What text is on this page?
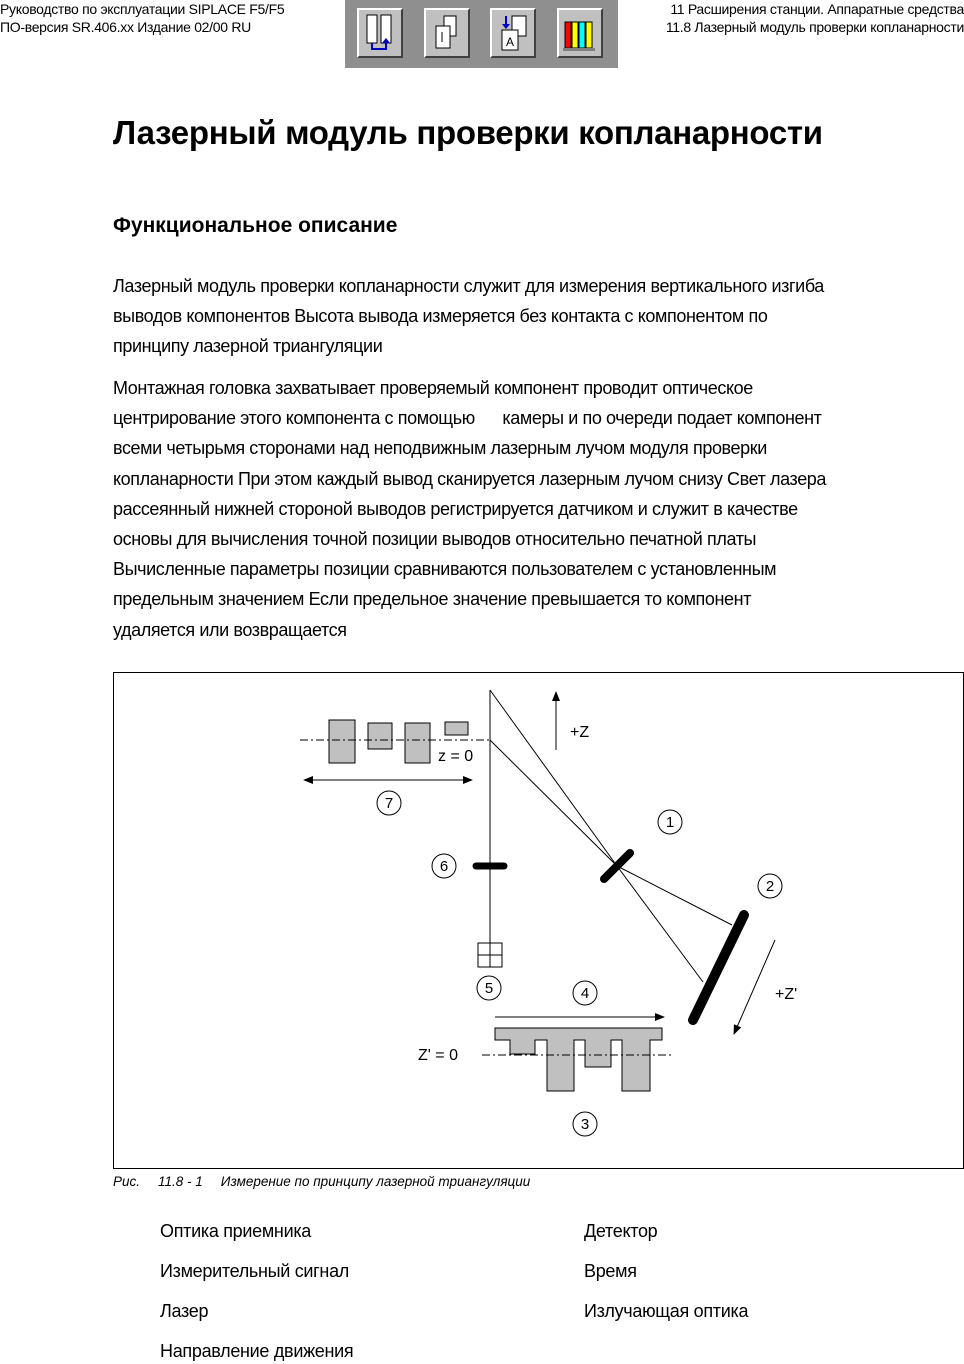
Руководство по эксплуатации SIPLACE F5/F5
ПО-версия SR.406.xx Издание 02/00 RU
11 Расширения станции. Аппаратные средства
11.8 Лазерный модуль проверки копланарности
A
Лазерный модуль проверки копланарности
Функциональное описание
Лазерный модуль проверки копланарности служит для измерения вертикального изгиба
выводов компонентов Высота вывода измеряется без контакта с компонентом по
принципу лазерной триангуляции
Монтажная головка захватывает проверяемый компонент проводит оптическое
центрирование этого компонента с помощью      камеры и по очереди подает компонент
всеми четырьмя сторонами над неподвижным лазерным лучом модуля проверки
копланарности При этом каждый вывод сканируется лазерным лучом снизу Свет лазера
рассеянный нижней стороной выводов регистрируется датчиком и служит в качестве
основы для вычисления точной позиции выводов относительно печатной платы
Вычисленные параметры позиции сравниваются пользователем с установленным
предельным значением Если предельное значение превышается то компонент
удаляется или возвращается
z = 0
Z' = 0
+Z
+Z'
1
2
3
4
5
6
7
Рис. 11.8 - 1 Измерение по принципу лазерной триангуляции
Оптика приемника
Измерительный сигнал
Лазер
Направление движения
Детектор
Время
Излучающая оптика
